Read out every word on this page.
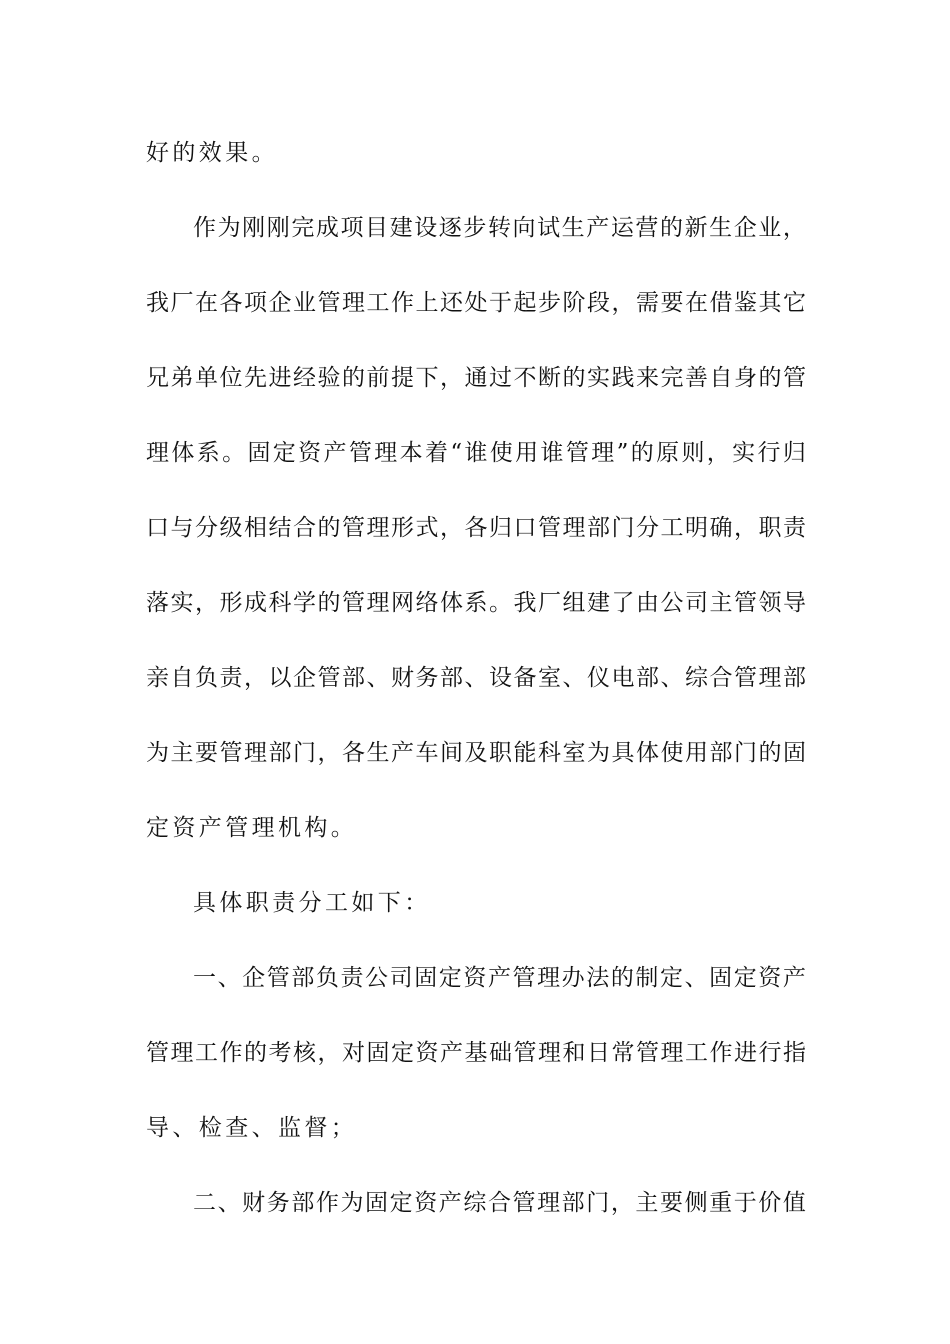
好的效果。
作 为 刚 刚 完 成 项 目 建 设 逐 步 转 向 试 生 产 运 营 的 新 生 企 业 ，
我 厂 在 各 项 企 业 管 理 工 作 上 还 处 于 起 步 阶 段 ， 需 要 在 借 鉴 其 它
兄 弟 单 位 先 进 经 验 的 前 提 下 ， 通 过 不 断 的 实 践 来 完 善 自 身 的 管
理 体 系 。 固 定 资 产 管 理 本 着 “ 谁 使 用 谁 管 理 ” 的 原 则 ， 实 行 归
口 与 分 级 相 结 合 的 管 理 形 式 ， 各 归 口 管 理 部 门 分 工 明 确 ， 职 责
落 实 ， 形 成 科 学 的 管 理 网 络 体 系 。 我 厂 组 建 了 由 公 司 主 管 领 导
亲 自 负 责 ， 以 企 管 部 、 财 务 部 、 设 备 室 、 仪 电 部 、 综 合 管 理 部
为 主 要 管 理 部 门 ， 各 生 产 车 间 及 职 能 科 室 为 具 体 使 用 部 门 的 固
定资产管理机构。
具体职责分工如下：
一 、 企 管 部 负 责 公 司 固 定 资 产 管 理 办 法 的 制 定 、 固 定 资 产
管 理 工 作 的 考 核 ， 对 固 定 资 产 基 础 管 理 和 日 常 管 理 工 作 进 行 指
导、检查、监督；
二 、 财 务 部 作 为 固 定 资 产 综 合 管 理 部 门 ， 主 要 侧 重 于 价 值
